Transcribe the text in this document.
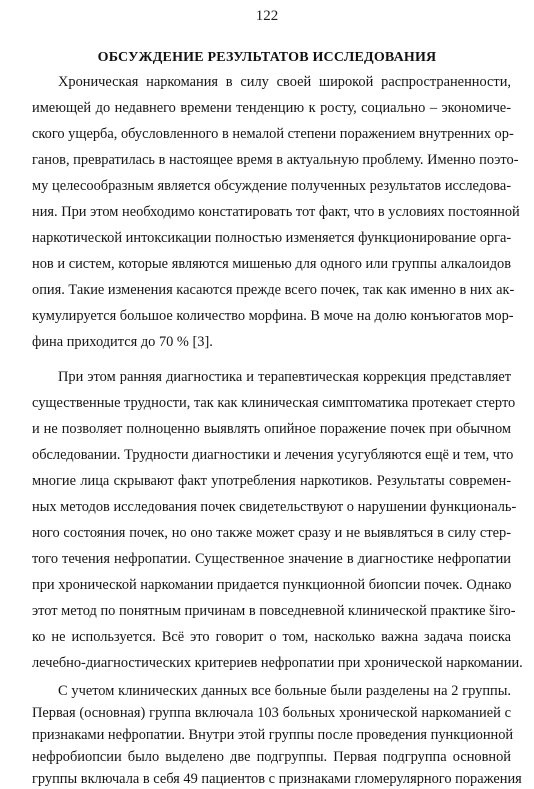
122
ОБСУЖДЕНИЕ РЕЗУЛЬТАТОВ ИССЛЕДОВАНИЯ
Хроническая наркомания в силу своей широкой распространенности,
имеющей до недавнего времени тенденцию к росту, социально – экономиче-
ского ущерба, обусловленного в немалой степени поражением внутренних ор-
ганов, превратилась в настоящее время в актуальную проблему. Именно поэто-
му целесообразным является обсуждение полученных результатов исследова-
ния. При этом необходимо констатировать тот факт, что в условиях постоянной
наркотической интоксикации полностью изменяется функционирование орга-
нов и систем, которые являются мишенью для одного или группы алкалоидов
опия. Такие изменения касаются прежде всего почек, так как именно в них ак-
кумулируется большое количество морфина. В моче на долю конъюгатов мор-
фина приходится до 70 % [3].
При этом ранняя диагностика и терапевтическая коррекция представляет
существенные трудности, так как клиническая симптоматика протекает стерто
и не позволяет полноценно выявлять опийное поражение почек при обычном
обследовании. Трудности диагностики и лечения усугубляются ещё и тем, что
многие лица скрывают факт употребления наркотиков. Результаты современ-
ных методов исследования почек свидетельствуют о нарушении функциональ-
ного состояния почек, но оно также может сразу и не выявляться в силу стер-
того течения нефропатии. Существенное значение в диагностике нефропатии
при хронической наркомании придается пункционной биопсии почек. Однако
этот метод по понятным причинам в повседневной клинической практике širo-
ко не используется. Всё это говорит о том, насколько важна задача поиска
лечебно-диагностических критериев нефропатии при хронической наркомании.
С учетом клинических данных все больные были разделены на 2 группы.
Первая (основная) группа включала 103 больных хронической наркоманией с
признаками нефропатии. Внутри этой группы после проведения пункционной
нефробиопсии было выделено две подгруппы. Первая подгруппа основной
группы включала в себя 49 пациентов с признаками гломерулярного поражения
